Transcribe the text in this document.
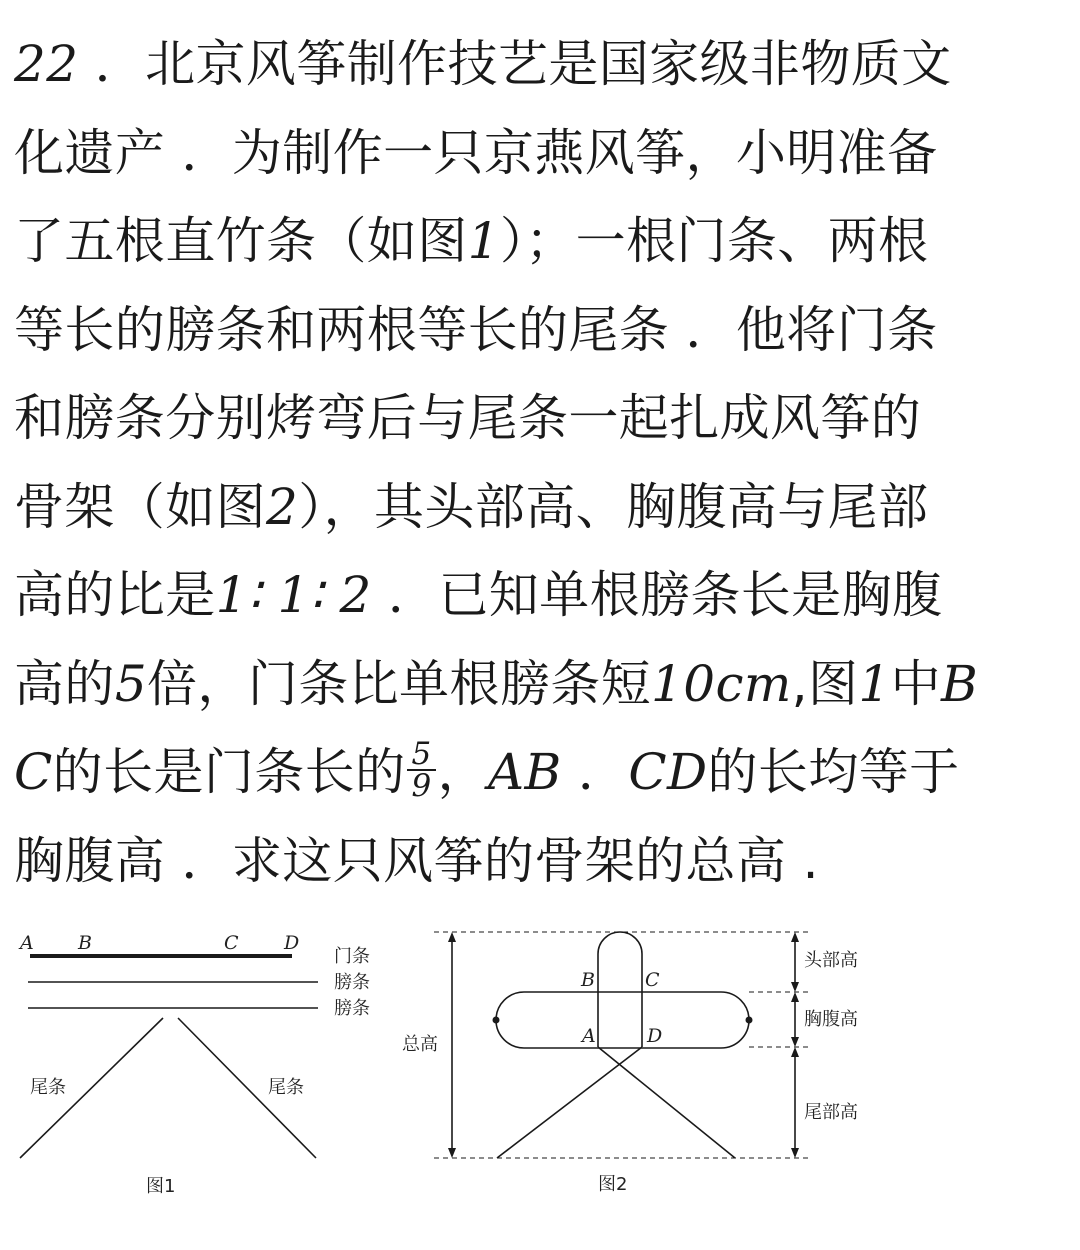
22 ．北京风筝制作技艺是国家级非物质文
化遗产 ．为制作一只京燕风筝，小明准备
了五根直竹条（如图1）；一根门条、两根
等长的膀条和两根等长的尾条 ．他将门条
和膀条分别烤弯后与尾条一起扎成风筝的
骨架（如图2），其头部高、胸腹高与尾部
高的比是1∶ 1∶ 2 ．已知单根膀条长是胸腹
高的5倍，门条比单根膀条短10cm,图1中B
C的长是门条长的 $\frac{5}{9}$ ，AB ．CD的长均等于
胸腹高 ．求这只风筝的骨架的总高 .
A B	C D
门条
膀条
膀条
尾条	尾条
图1
B	C
A	D
总高
头部高
胸腹高
尾部高
图2
